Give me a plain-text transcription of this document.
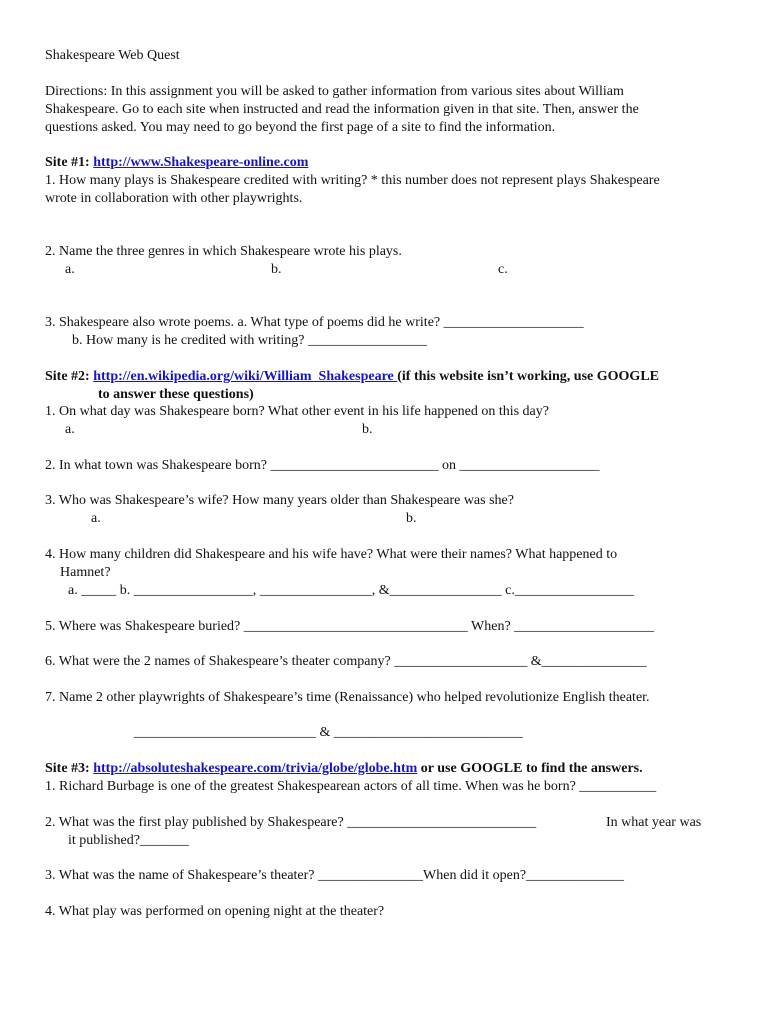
Shakespeare Web Quest
Directions: In this assignment you will be asked to gather information from various sites about William
Shakespeare. Go to each site when instructed and read the information given in that site. Then, answer the
questions asked. You may need to go beyond the first page of a site to find the information.
Site #1: http://www.Shakespeare-online.com
1. How many plays is Shakespeare credited with writing? * this number does not represent plays Shakespeare
wrote in collaboration with other playwrights.
2. Name the three genres in which Shakespeare wrote his plays.
a.	b.	c.
3. Shakespeare also wrote poems. a. What type of poems did he write? ____________________
b. How many is he credited with writing? _________________
Site #2: http://en.wikipedia.org/wiki/William_Shakespeare (if this website isn’t working, use GOOGLE
to answer these questions)
1. On what day was Shakespeare born? What other event in his life happened on this day?
a.	b.
2. In what town was Shakespeare born? ________________________ on ____________________
3. Who was Shakespeare’s wife? How many years older than Shakespeare was she?
a.	b.
4. How many children did Shakespeare and his wife have? What were their names? What happened to
Hamnet?
a. _____ b. _________________, ________________, &________________ c._________________
5. Where was Shakespeare buried? ________________________________ When? ____________________
6. What were the 2 names of Shakespeare’s theater company? ___________________ &_______________
7. Name 2 other playwrights of Shakespeare’s time (Renaissance) who helped revolutionize English theater.
__________________________ & ___________________________
Site #3: http://absoluteshakespeare.com/trivia/globe/globe.htm or use GOOGLE to find the answers.
1. Richard Burbage is one of the greatest Shakespearean actors of all time. When was he born? ___________
2. What was the first play published by Shakespeare? ___________________________	In what year was
it published?_______
3. What was the name of Shakespeare’s theater? _______________When did it open?______________
4. What play was performed on opening night at the theater?
